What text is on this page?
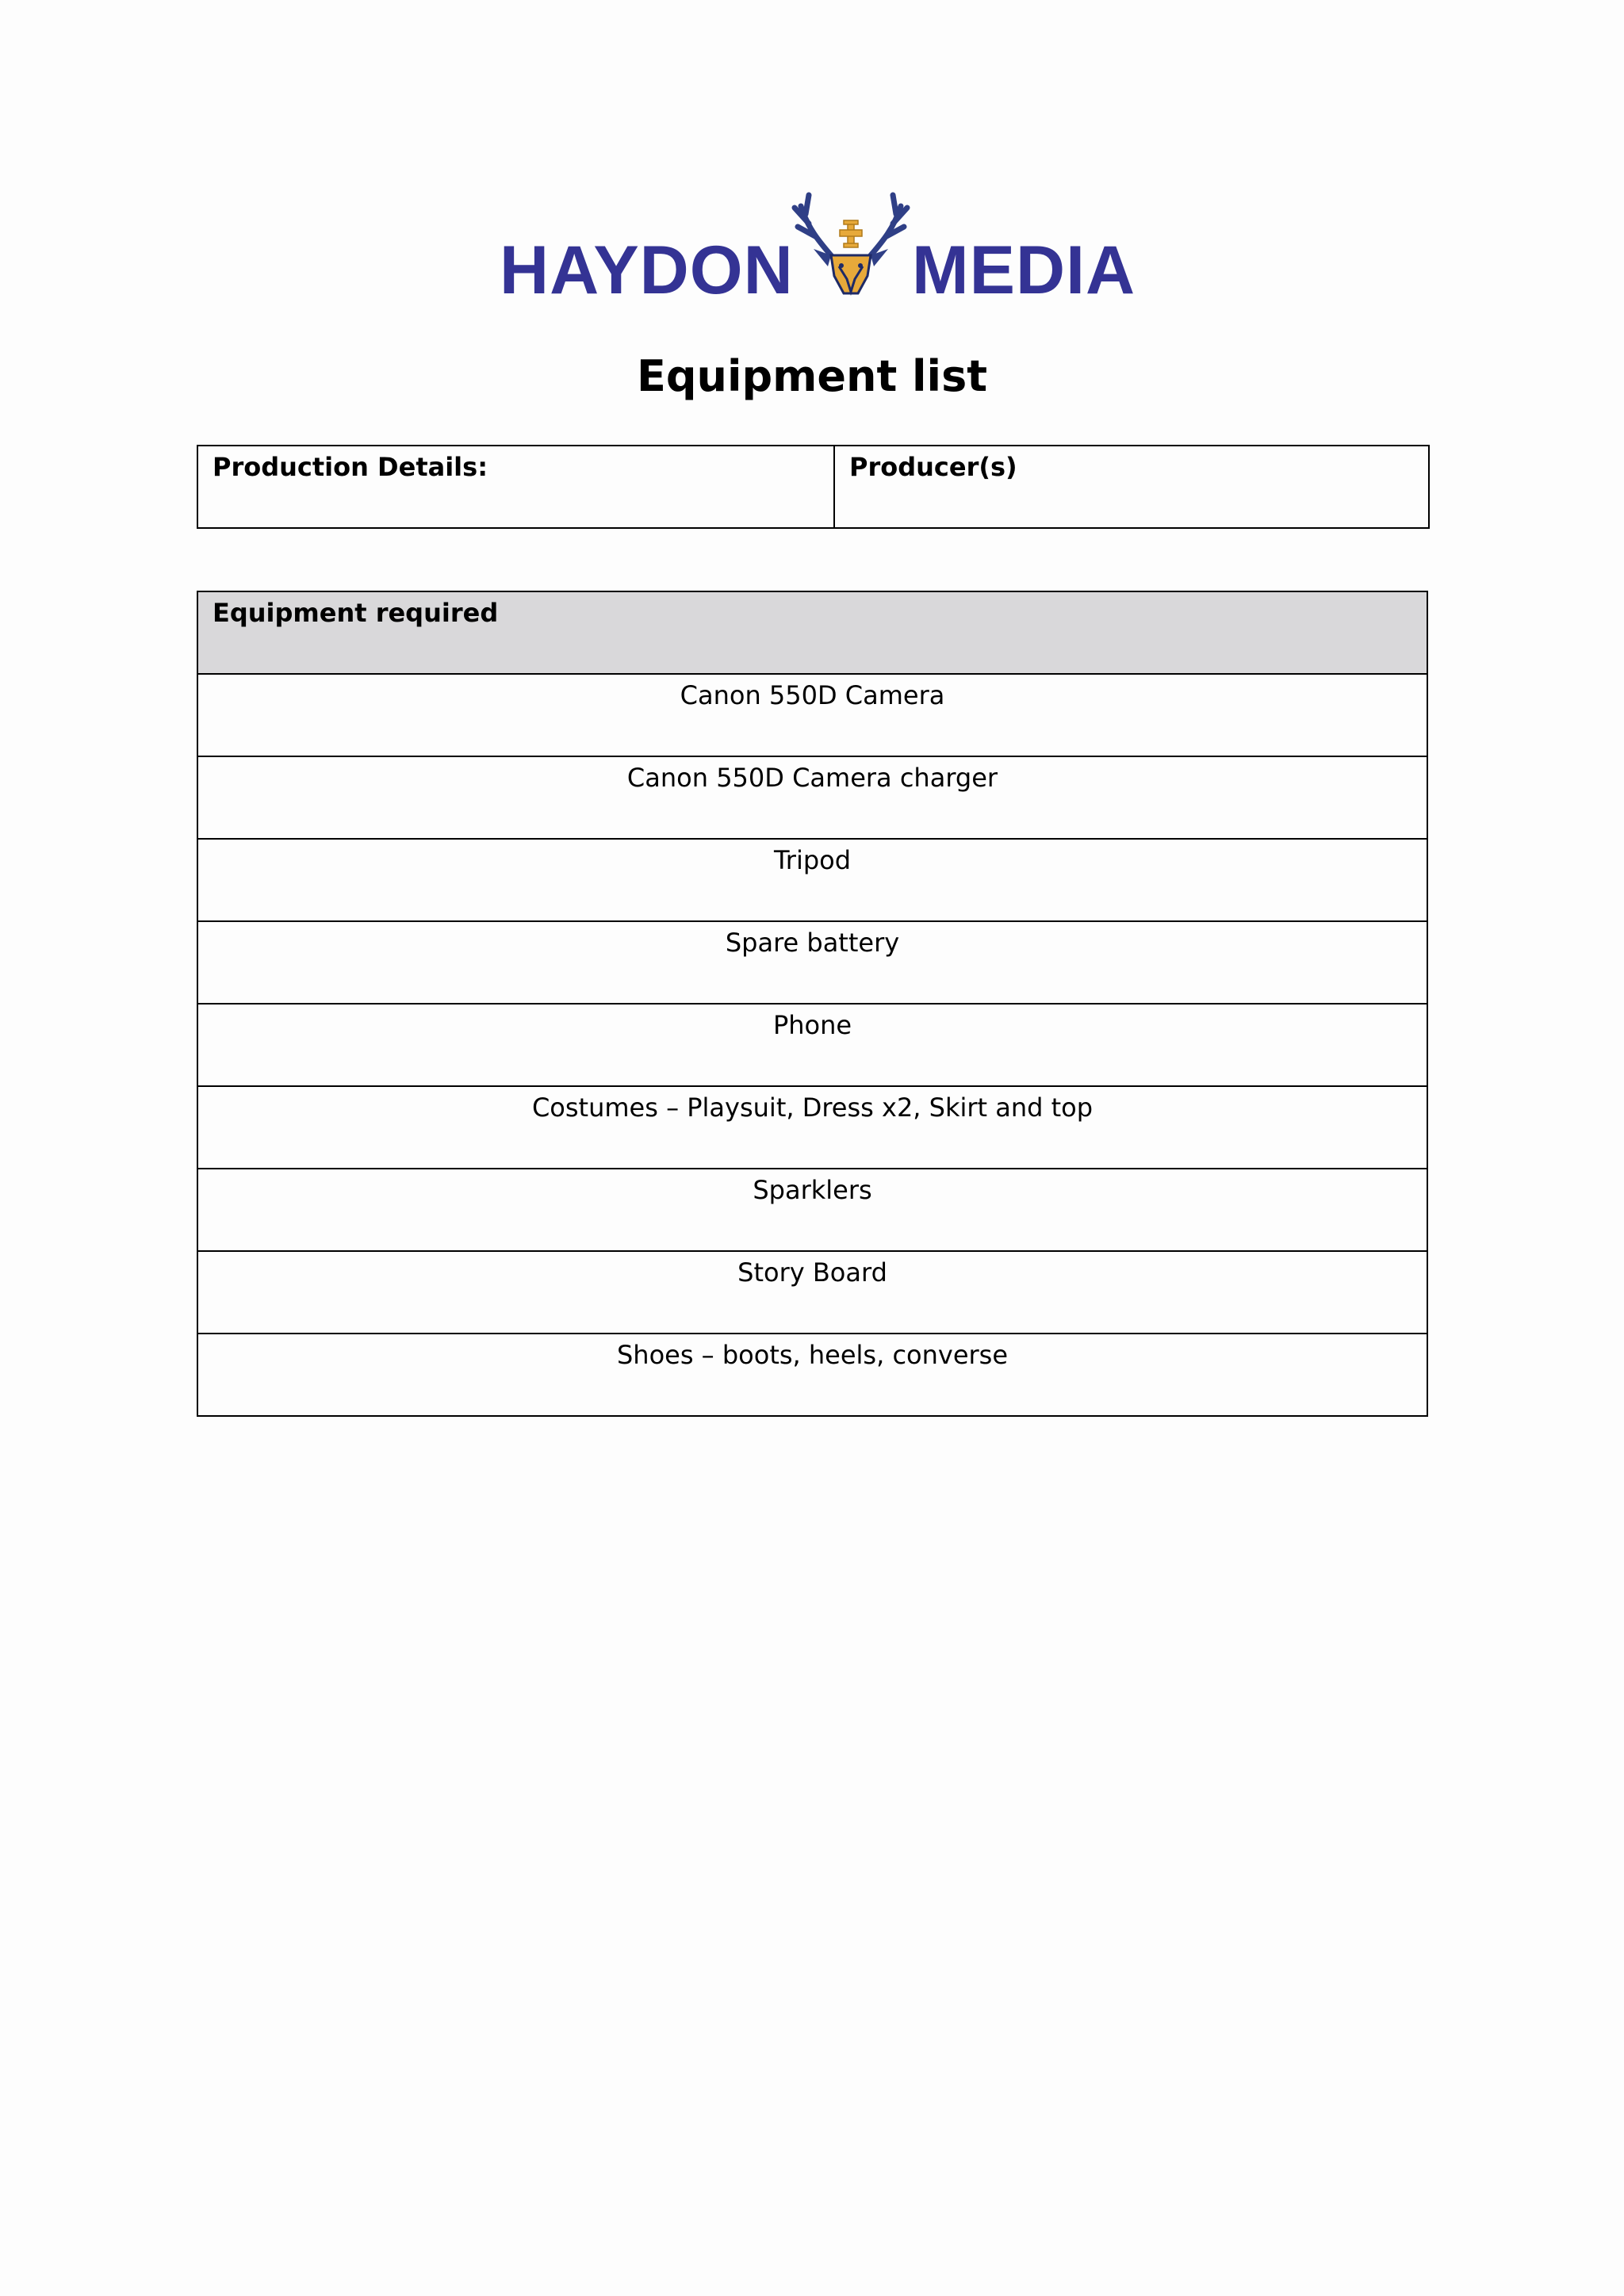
HAYDON MEDIA
Equipment list
Production Details:	Producer(s)
Equipment required
Canon 550D Camera
Canon 550D Camera charger
Tripod
Spare battery
Phone
Costumes – Playsuit, Dress x2, Skirt and top
Sparklers
Story Board
Shoes – boots, heels, converse
